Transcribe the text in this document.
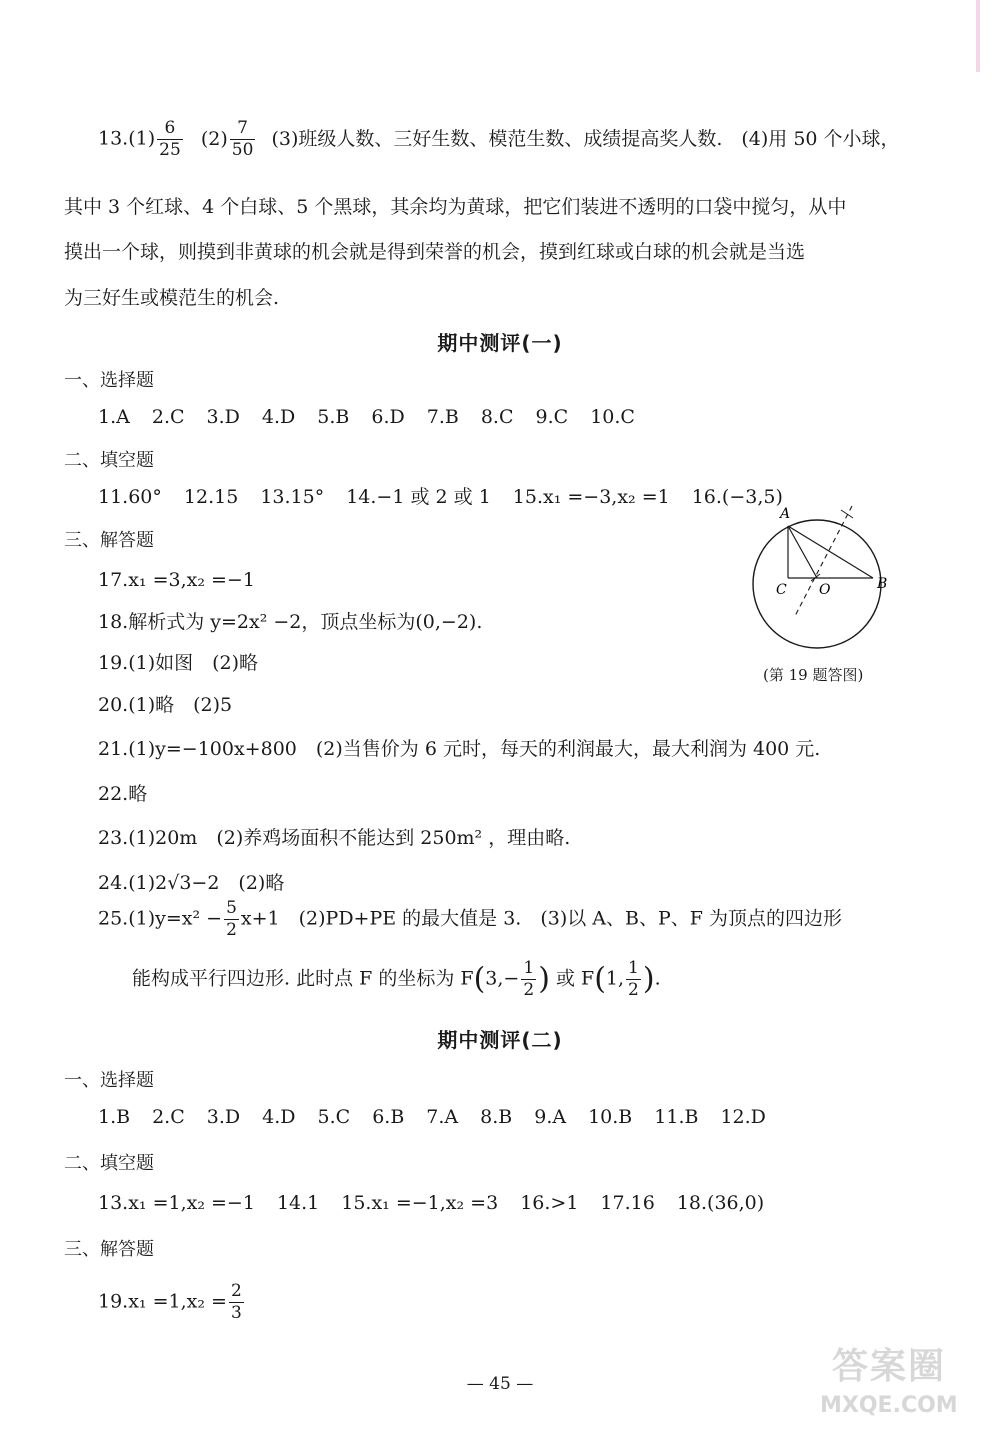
$13.(1) \frac{6}{25} (2) \frac{7}{50} (3)$班级人数、三好生数、模范生数、成绩提高奖人数.　(4)用 50 个小球，
其中 3 个红球、4 个白球、5 个黑球，其余均为黄球，把它们装进不透明的口袋中搅匀，从中
摸出一个球，则摸到非黄球的机会就是得到荣誉的机会，摸到红球或白球的机会就是当选
为三好生或模范生的机会.
期中测评(一)
一、选择题
1.A 2.C 3.D 4.D 5.B 6.D 7.B 8.C 9.C 10.C
二、填空题
11.60° 12.15 13.15° 14.−1 或 2 或 1 15.x₁ =−3,x₂ =1 16.(−3,5)
三、解答题
17.x₁ =3,x₂ =−1
18.解析式为 y=2x² −2，顶点坐标为(0,−2).
19.(1)如图　(2)略
20.(1)略　(2)5
21.(1)y=−100x+800　(2)当售价为 6 元时，每天的利润最大，最大利润为 400 元.
22.略
23.(1)20m　(2)养鸡场面积不能达到 250m² ，理由略.
24.(1)2√3−2　(2)略
$25.(1)y=x^2 - \frac{5}{2} x+1$　(2)PD+PE 的最大值是 3.　(3)以 A、B、P、F 为顶点的四边形
能构成平行四边形. 此时点 F 的坐标为 $F(3,- \frac{1}{2}$ ) 或 F(1, $\frac{1}{2}$ ).
A
B
C O
(第 19 题答图)
期中测评(二)
一、选择题
1.B 2.C 3.D 4.D 5.C 6.B 7.A 8.B 9.A 10.B 11.B 12.D
二、填空题
13.x₁ =1,x₂ =−1 14.1 15.x₁ =−1,x₂ =3 16.>1 17.16 18.(36,0)
三、解答题
$19.x_1 =1,x_2 = \frac{2}{3}$
— 45 —	答案圈
MXQE.COM
